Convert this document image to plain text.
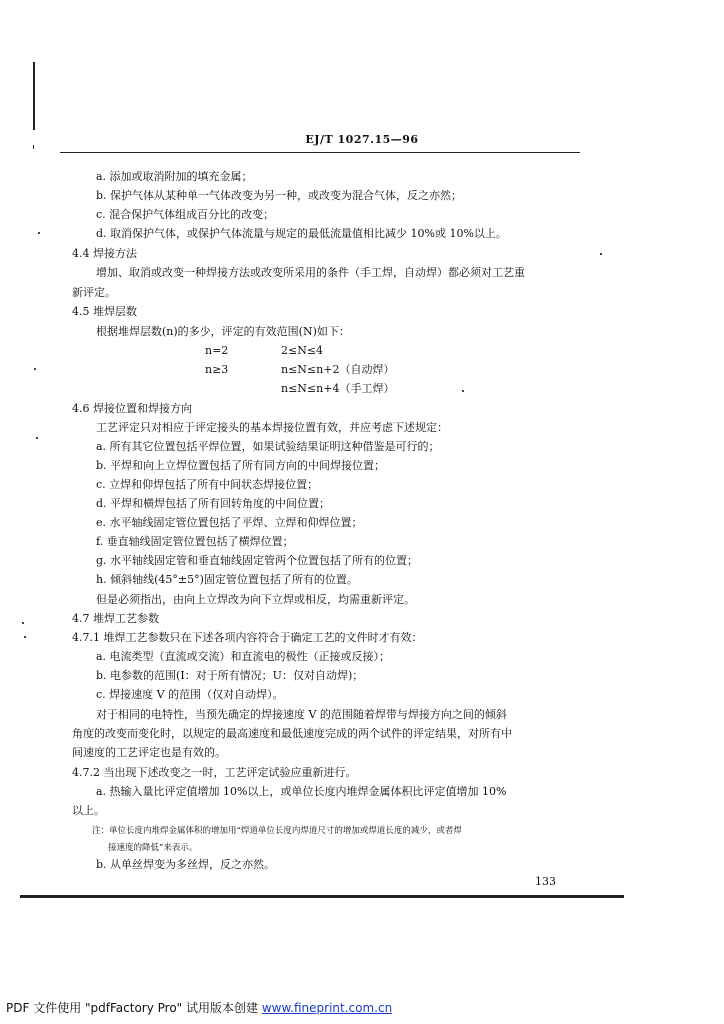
EJ/T 1027.15—96
a. 添加或取消附加的填充金属；
b. 保护气体从某种单一气体改变为另一种，或改变为混合气体，反之亦然；
c. 混合保护气体组成百分比的改变；
d. 取消保护气体，或保护气体流量与规定的最低流量值相比减少 10%或 10%以上。
4.4 焊接方法
增加、取消或改变一种焊接方法或改变所采用的条件（手工焊，自动焊）都必须对工艺重
新评定。
4.5 堆焊层数
根据堆焊层数(n)的多少，评定的有效范围(N)如下：
n=2	2≤N≤4
n≥3	n≤N≤n+2（自动焊）
n≤N≤n+4（手工焊）
4.6 焊接位置和焊接方向
工艺评定只对相应于评定接头的基本焊接位置有效，并应考虑下述规定：
a. 所有其它位置包括平焊位置，如果试验结果证明这种借鉴是可行的；
b. 平焊和向上立焊位置包括了所有同方向的中间焊接位置；
c. 立焊和仰焊包括了所有中间状态焊接位置；
d. 平焊和横焊包括了所有回转角度的中间位置；
e. 水平轴线固定管位置包括了平焊、立焊和仰焊位置；
f. 垂直轴线固定管位置包括了横焊位置；
g. 水平轴线固定管和垂直轴线固定管两个位置包括了所有的位置；
h. 倾斜轴线(45°±5°)固定管位置包括了所有的位置。
但是必须指出，由向上立焊改为向下立焊或相反，均需重新评定。
4.7 堆焊工艺参数
4.7.1 堆焊工艺参数只在下述各项内容符合于确定工艺的文件时才有效：
a. 电流类型（直流或交流）和直流电的极性（正接或反接）；
b. 电参数的范围(I：对于所有情况；U：仅对自动焊)；
c. 焊接速度 V 的范围（仅对自动焊）。
对于相同的电特性，当预先确定的焊接速度 V 的范围随着焊带与焊接方向之间的倾斜
角度的改变而变化时，以规定的最高速度和最低速度完成的两个试件的评定结果，对所有中
间速度的工艺评定也是有效的。
4.7.2 当出现下述改变之一时，工艺评定试验应重新进行。
a. 热输入量比评定值增加 10%以上，或单位长度内堆焊金属体积比评定值增加 10%
以上。
注：单位长度内堆焊金属体积的增加用“焊道单位长度内焊道尺寸的增加或焊道长度的减少，或者焊
接速度的降低”来表示。
b. 从单丝焊变为多丝焊，反之亦然。
133
PDF 文件使用 "pdfFactory Pro" 试用版本创建 www.fineprint.com.cn
